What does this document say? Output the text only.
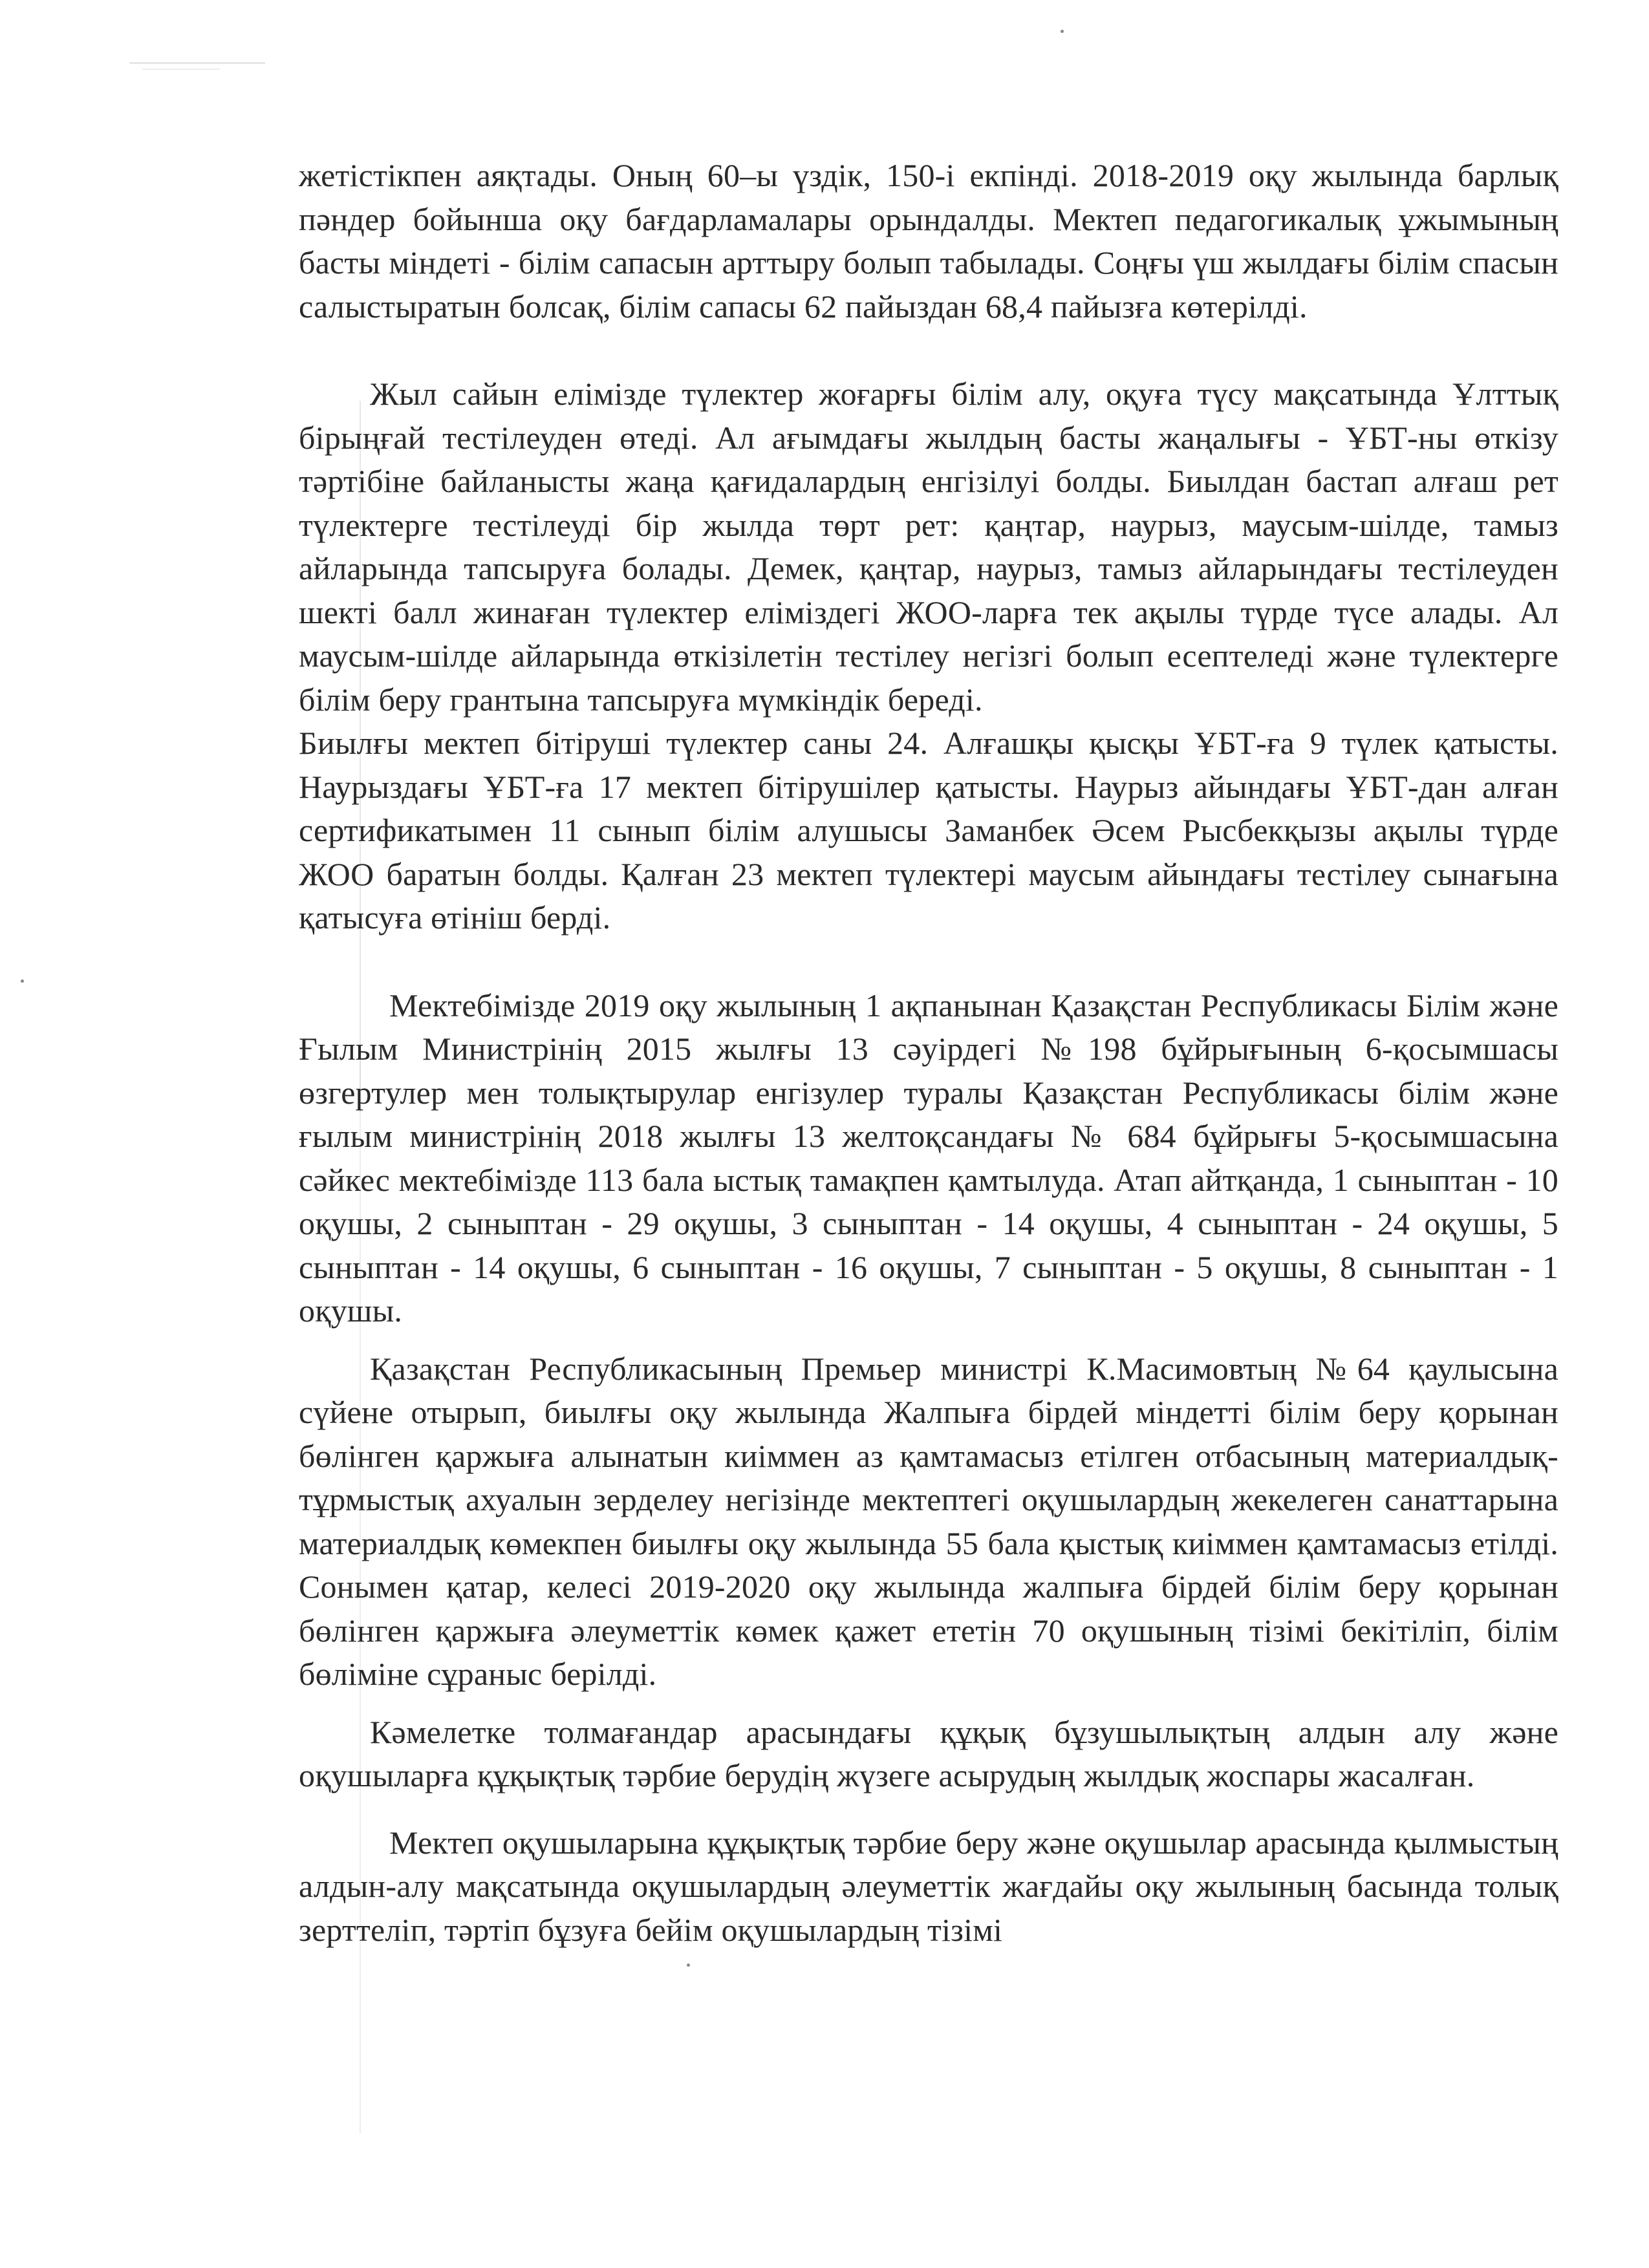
жетістікпен аяқтады. Оның 60–ы үздік, 150-і екпінді. 2018-2019 оқу жылында барлық пәндер бойынша оқу бағдарламалары орындалды. Мектеп педагогикалық ұжымының басты міндеті - білім сапасын арттыру болып табылады. Соңғы үш жылдағы білім спасын салыстыратын болсақ, білім сапасы 62 пайыздан 68,4 пайызға көтерілді.

Жыл сайын елімізде түлектер жоғарғы білім алу, оқуға түсу мақсатында Ұлттық бірыңғай тестілеуден өтеді. Ал ағымдағы жылдың басты жаңалығы - ҰБТ-ны өткізу тәртібіне байланысты жаңа қағидалардың енгізілуі болды. Биылдан бастап алғаш рет түлектерге тестілеуді бір жылда төрт рет: қаңтар, наурыз, маусым-шілде, тамыз айларында тапсыруға болады. Демек, қаңтар, наурыз, тамыз айларындағы тестілеуден шекті балл жинаған түлектер еліміздегі ЖОО-ларға тек ақылы түрде түсе алады. Ал маусым-шілде айларында өткізілетін тестілеу негізгі болып есептеледі және түлектерге білім беру грантына тапсыруға мүмкіндік береді.

Биылғы мектеп бітіруші түлектер саны 24. Алғашқы қысқы ҰБТ-ға 9 түлек қатысты. Наурыздағы ҰБТ-ға 17 мектеп бітірушілер қатысты. Наурыз айындағы ҰБТ-дан алған сертификатымен 11 сынып білім алушысы Заманбек Әсем Рысбекқызы ақылы түрде ЖОО баратын болды. Қалған 23 мектеп түлектері маусым айындағы тестілеу сынағына қатысуға өтініш берді.

Мектебімізде 2019 оқу жылының 1 ақпанынан Қазақстан Республикасы Білім және Ғылым Министрінің 2015 жылғы 13 сәуірдегі №198 бұйрығының 6-қосымшасы өзгертулер мен толықтырулар енгізулер туралы Қазақстан Республикасы білім және ғылым министрінің 2018 жылғы 13 желтоқсандағы № 684 бұйрығы 5-қосымшасына сәйкес мектебімізде 113 бала ыстық тамақпен қамтылуда. Атап айтқанда, 1 сыныптан - 10 оқушы, 2 сыныптан - 29 оқушы, 3 сыныптан - 14 оқушы, 4 сыныптан - 24 оқушы, 5 сыныптан - 14 оқушы, 6 сыныптан - 16 оқушы, 7 сыныптан - 5 оқушы, 8 сыныптан - 1 оқушы.

Қазақстан Республикасының Премьер министрі К.Масимовтың №64 қаулысына сүйене отырып, биылғы оқу жылында Жалпыға бірдей міндетті білім беру қорынан бөлінген қаржыға алынатын киіммен аз қамтамасыз етілген отбасының материалдық-тұрмыстық ахуалын зерделеу негізінде мектептегі оқушылардың жекелеген санаттарына материалдық көмекпен биылғы оқу жылында 55 бала қыстық киіммен қамтамасыз етілді. Сонымен қатар, келесі 2019-2020 оқу жылында жалпыға бірдей білім беру қорынан бөлінген қаржыға әлеуметтік көмек қажет ететін 70 оқушының тізімі бекітіліп, білім бөліміне сұраныс берілді.

Кәмелетке толмағандар арасындағы құқық бұзушылықтың алдын алу және оқушыларға құқықтық тәрбие берудің жүзеге асырудың жылдық жоспары жасалған.

Мектеп оқушыларына құқықтық тәрбие беру және оқушылар арасында қылмыстың алдын-алу мақсатында оқушылардың әлеуметтік жағдайы оқу жылының басында толық зерттеліп, тәртіп бұзуға бейім оқушылардың тізімі
